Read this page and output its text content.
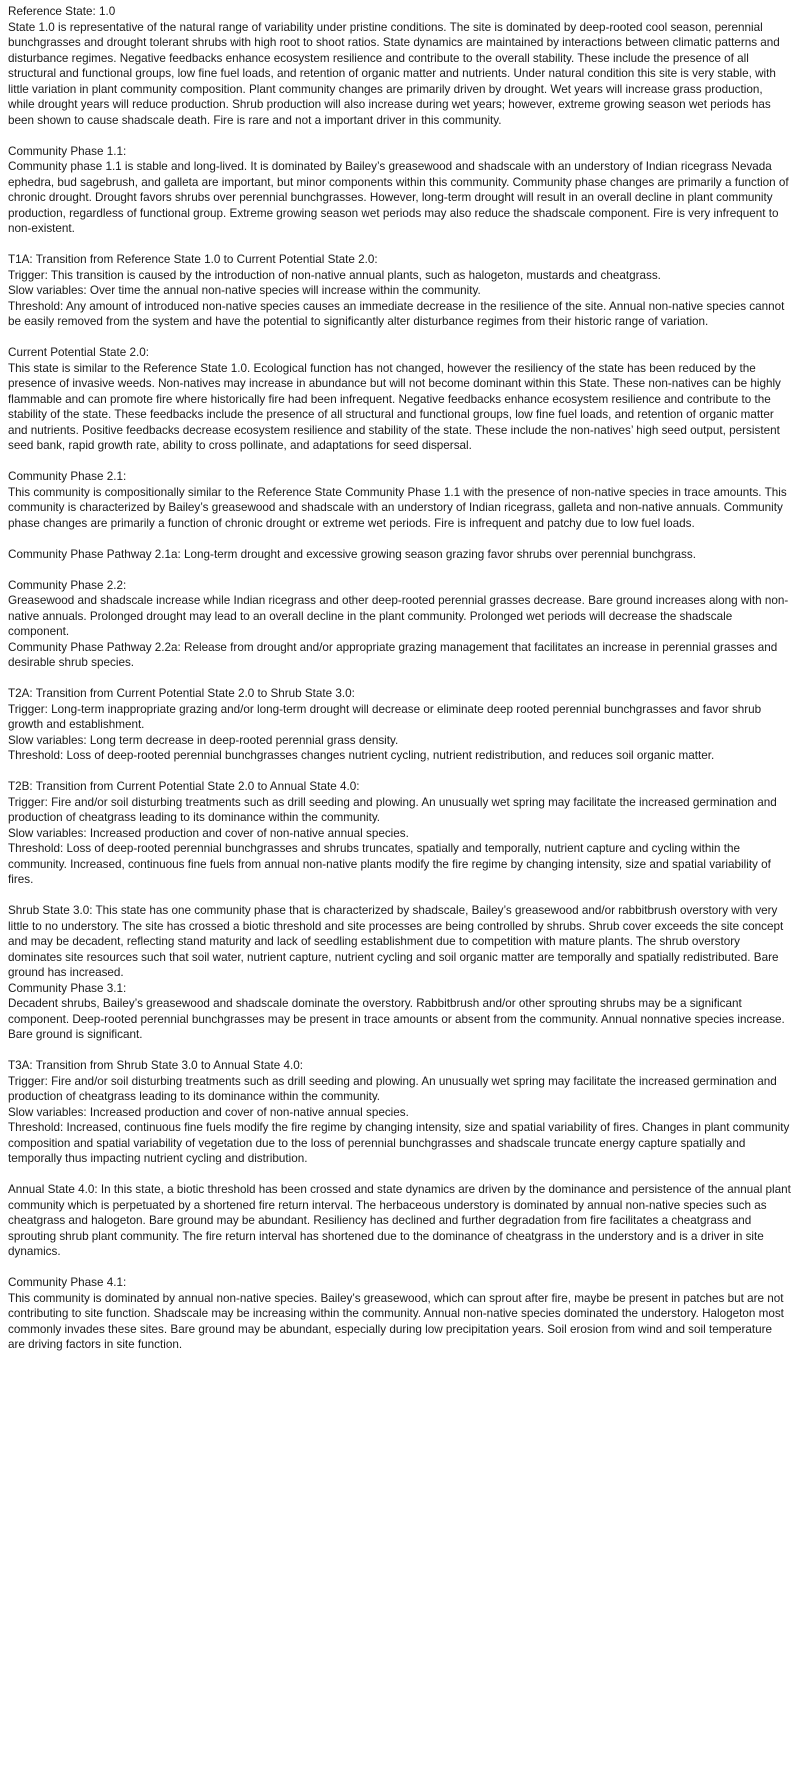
Reference State: 1.0

State 1.0 is representative of the natural range of variability under pristine conditions. The site is dominated by deep-rooted cool season, perennial bunchgrasses and drought tolerant shrubs with high root to shoot ratios. State dynamics are maintained by interactions between climatic patterns and disturbance regimes. Negative feedbacks enhance ecosystem resilience and contribute to the overall stability. These include the presence of all structural and functional groups, low fine fuel loads, and retention of organic matter and nutrients. Under natural condition this site is very stable, with little variation in plant community composition. Plant community changes are primarily driven by drought. Wet years will increase grass production, while drought years will reduce production. Shrub production will also increase during wet years; however, extreme growing season wet periods has been shown to cause shadscale death. Fire is rare and not a important driver in this community.

Community Phase 1.1:

Community phase 1.1 is stable and long-lived. It is dominated by Bailey’s greasewood and shadscale with an understory of Indian ricegrass Nevada ephedra, bud sagebrush, and galleta are important, but minor components within this community. Community phase changes are primarily a function of chronic drought. Drought favors shrubs over perennial bunchgrasses. However, long-term drought will result in an overall decline in plant community production, regardless of functional group. Extreme growing season wet periods may also reduce the shadscale component. Fire is very infrequent to non-existent.

T1A: Transition from Reference State 1.0 to Current Potential State 2.0:

Trigger: This transition is caused by the introduction of non-native annual plants, such as halogeton, mustards and cheatgrass.

Slow variables: Over time the annual non-native species will increase within the community.

Threshold: Any amount of introduced non-native species causes an immediate decrease in the resilience of the site. Annual non-native species cannot be easily removed from the system and have the potential to significantly alter disturbance regimes from their historic range of variation.

Current Potential State 2.0:

This state is similar to the Reference State 1.0. Ecological function has not changed, however the resiliency of the state has been reduced by the presence of invasive weeds. Non-natives may increase in abundance but will not become dominant within this State. These non-natives can be highly flammable and can promote fire where historically fire had been infrequent. Negative feedbacks enhance ecosystem resilience and contribute to the stability of the state. These feedbacks include the presence of all structural and functional groups, low fine fuel loads, and retention of organic matter and nutrients. Positive feedbacks decrease ecosystem resilience and stability of the state. These include the non-natives’ high seed output, persistent seed bank, rapid growth rate, ability to cross pollinate, and adaptations for seed dispersal.

Community Phase 2.1:

This community is compositionally similar to the Reference State Community Phase 1.1 with the presence of non-native species in trace amounts. This community is characterized by Bailey’s greasewood and shadscale with an understory of Indian ricegrass, galleta and non-native annuals. Community phase changes are primarily a function of chronic drought or extreme wet periods. Fire is infrequent and patchy due to low fuel loads.

Community Phase Pathway 2.1a: Long-term drought and excessive growing season grazing favor shrubs over perennial bunchgrass.

Community Phase 2.2:

Greasewood and shadscale increase while Indian ricegrass and other deep-rooted perennial grasses decrease. Bare ground increases along with non-native annuals. Prolonged drought may lead to an overall decline in the plant community. Prolonged wet periods will decrease the shadscale component.

Community Phase Pathway 2.2a: Release from drought and/or appropriate grazing management that facilitates an increase in perennial grasses and desirable shrub species.

T2A: Transition from Current Potential State 2.0 to Shrub State 3.0:

Trigger: Long-term inappropriate grazing and/or long-term drought will decrease or eliminate deep rooted perennial bunchgrasses and favor shrub growth and establishment.

Slow variables: Long term decrease in deep-rooted perennial grass density.

Threshold: Loss of deep-rooted perennial bunchgrasses changes nutrient cycling, nutrient redistribution, and reduces soil organic matter.

T2B: Transition from Current Potential State 2.0 to Annual State 4.0:

Trigger: Fire and/or soil disturbing treatments such as drill seeding and plowing. An unusually wet spring may facilitate the increased germination and production of cheatgrass leading to its dominance within the community.

Slow variables: Increased production and cover of non-native annual species.

Threshold: Loss of deep-rooted perennial bunchgrasses and shrubs truncates, spatially and temporally, nutrient capture and cycling within the community. Increased, continuous fine fuels from annual non-native plants modify the fire regime by changing intensity, size and spatial variability of fires.

Shrub State 3.0: This state has one community phase that is characterized by shadscale, Bailey’s greasewood and/or rabbitbrush overstory with very little to no understory. The site has crossed a biotic threshold and site processes are being controlled by shrubs. Shrub cover exceeds the site concept and may be decadent, reflecting stand maturity and lack of seedling establishment due to competition with mature plants. The shrub overstory dominates site resources such that soil water, nutrient capture, nutrient cycling and soil organic matter are temporally and spatially redistributed. Bare ground has increased.

Community Phase 3.1:

Decadent shrubs, Bailey’s greasewood and shadscale dominate the overstory. Rabbitbrush and/or other sprouting shrubs may be a significant component. Deep-rooted perennial bunchgrasses may be present in trace amounts or absent from the community. Annual nonnative species increase. Bare ground is significant.

T3A: Transition from Shrub State 3.0 to Annual State 4.0:

Trigger: Fire and/or soil disturbing treatments such as drill seeding and plowing. An unusually wet spring may facilitate the increased germination and production of cheatgrass leading to its dominance within the community.

Slow variables: Increased production and cover of non-native annual species.

Threshold: Increased, continuous fine fuels modify the fire regime by changing intensity, size and spatial variability of fires. Changes in plant community composition and spatial variability of vegetation due to the loss of perennial bunchgrasses and shadscale truncate energy capture spatially and temporally thus impacting nutrient cycling and distribution.

Annual State 4.0: In this state, a biotic threshold has been crossed and state dynamics are driven by the dominance and persistence of the annual plant community which is perpetuated by a shortened fire return interval. The herbaceous understory is dominated by annual non-native species such as cheatgrass and halogeton. Bare ground may be abundant. Resiliency has declined and further degradation from fire facilitates a cheatgrass and sprouting shrub plant community. The fire return interval has shortened due to the dominance of cheatgrass in the understory and is a driver in site dynamics.

Community Phase 4.1:

This community is dominated by annual non-native species. Bailey’s greasewood, which can sprout after fire, maybe be present in patches but are not contributing to site function. Shadscale may be increasing within the community. Annual non-native species dominated the understory. Halogeton most commonly invades these sites. Bare ground may be abundant, especially during low precipitation years. Soil erosion from wind and soil temperature are driving factors in site function.
